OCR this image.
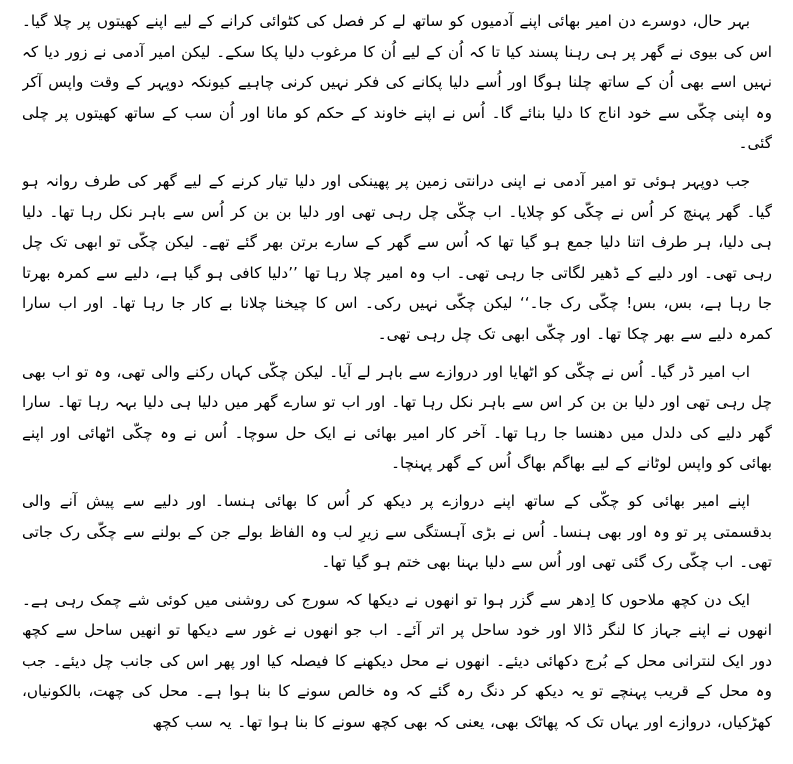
بہر حال، دوسرے دن امیر بھائی اپنے آدمیوں کو ساتھ لے کر فصل کی کٹوائی کرانے کے لیے اپنے کھیتوں پر چلا گیا۔ اس کی بیوی نے گھر پر ہی رہنا پسند کیا تا کہ اُن کے لیے اُن کا مرغوب دلیا پکا سکے۔ لیکن امیر آدمی نے زور دیا کہ نہیں اسے بھی اُن کے ساتھ چلنا ہوگا اور اُسے دلیا پکانے کی فکر نہیں کرنی چاہیے کیونکہ دوپہر کے وقت واپس آکر وہ اپنی چکّی سے خود اناج کا دلیا بنائے گا۔ اُس نے اپنے خاوند کے حکم کو مانا اور اُن سب کے ساتھ کھیتوں پر چلی گئی۔

جب دوپہر ہوئی تو امیر آدمی نے اپنی درانتی زمین پر پھینکی اور دلیا تیار کرنے کے لیے گھر کی طرف روانہ ہو گیا۔ گھر پہنچ کر اُس نے چکّی کو چلایا۔ اب چکّی چل رہی تھی اور دلیا بن بن کر اُس سے باہر نکل رہا تھا۔ دلیا ہی دلیا، ہر طرف اتنا دلیا جمع ہو گیا تھا کہ اُس سے گھر کے سارے برتن بھر گئے تھے۔ لیکن چکّی تو ابھی تک چل رہی تھی۔ اور دلیے کے ڈھیر لگاتی جا رہی تھی۔ اب وہ امیر چلا رہا تھا ’’دلیا کافی ہو گیا ہے، دلیے سے کمرہ بھرتا جا رہا ہے، بس، بس! چکّی رک جا۔‘‘ لیکن چکّی نہیں رکی۔ اس کا چیخنا چلانا بے کار جا رہا تھا۔ اور اب سارا کمرہ دلیے سے بھر چکا تھا۔ اور چکّی ابھی تک چل رہی تھی۔

اب امیر ڈر گیا۔ اُس نے چکّی کو اٹھایا اور دروازے سے باہر لے آیا۔ لیکن چکّی کہاں رکنے والی تھی، وہ تو اب بھی چل رہی تھی اور دلیا بن بن کر اس سے باہر نکل رہا تھا۔ اور اب تو سارے گھر میں دلیا ہی دلیا بہہ رہا تھا۔ سارا گھر دلیے کی دلدل میں دھنسا جا رہا تھا۔ آخر کار امیر بھائی نے ایک حل سوچا۔ اُس نے وہ چکّی اٹھائی اور اپنے بھائی کو واپس لوٹانے کے لیے بھاگم بھاگ اُس کے گھر پہنچا۔

اپنے امیر بھائی کو چکّی کے ساتھ اپنے دروازے پر دیکھ کر اُس کا بھائی ہنسا۔ اور دلیے سے پیش آنے والی بدقسمتی پر تو وہ اور بھی ہنسا۔ اُس نے بڑی آہستگی سے زیرِ لب وہ الفاظ بولے جن کے بولنے سے چکّی رک جاتی تھی۔ اب چکّی رک گئی تھی اور اُس سے دلیا بہنا بھی ختم ہو گیا تھا۔

ایک دن کچھ ملاحوں کا اِدھر سے گزر ہوا تو انھوں نے دیکھا کہ سورج کی روشنی میں کوئی شے چمک رہی ہے۔ انھوں نے اپنے جہاز کا لنگر ڈالا اور خود ساحل پر اتر آئے۔ اب جو انھوں نے غور سے دیکھا تو انھیں ساحل سے کچھ دور ایک لنترانی محل کے بُرج دکھائی دیئے۔ انھوں نے محل دیکھنے کا فیصلہ کیا اور پھر اس کی جانب چل دیئے۔ جب وہ محل کے قریب پہنچے تو یہ دیکھ کر دنگ رہ گئے کہ وہ خالص سونے کا بنا ہوا ہے۔ محل کی چھت، بالکونیاں، کھڑکیاں، دروازے اور یہاں تک کہ پھاٹک بھی، یعنی کہ بھی کچھ سونے کا بنا ہوا تھا۔ یہ سب کچھ
